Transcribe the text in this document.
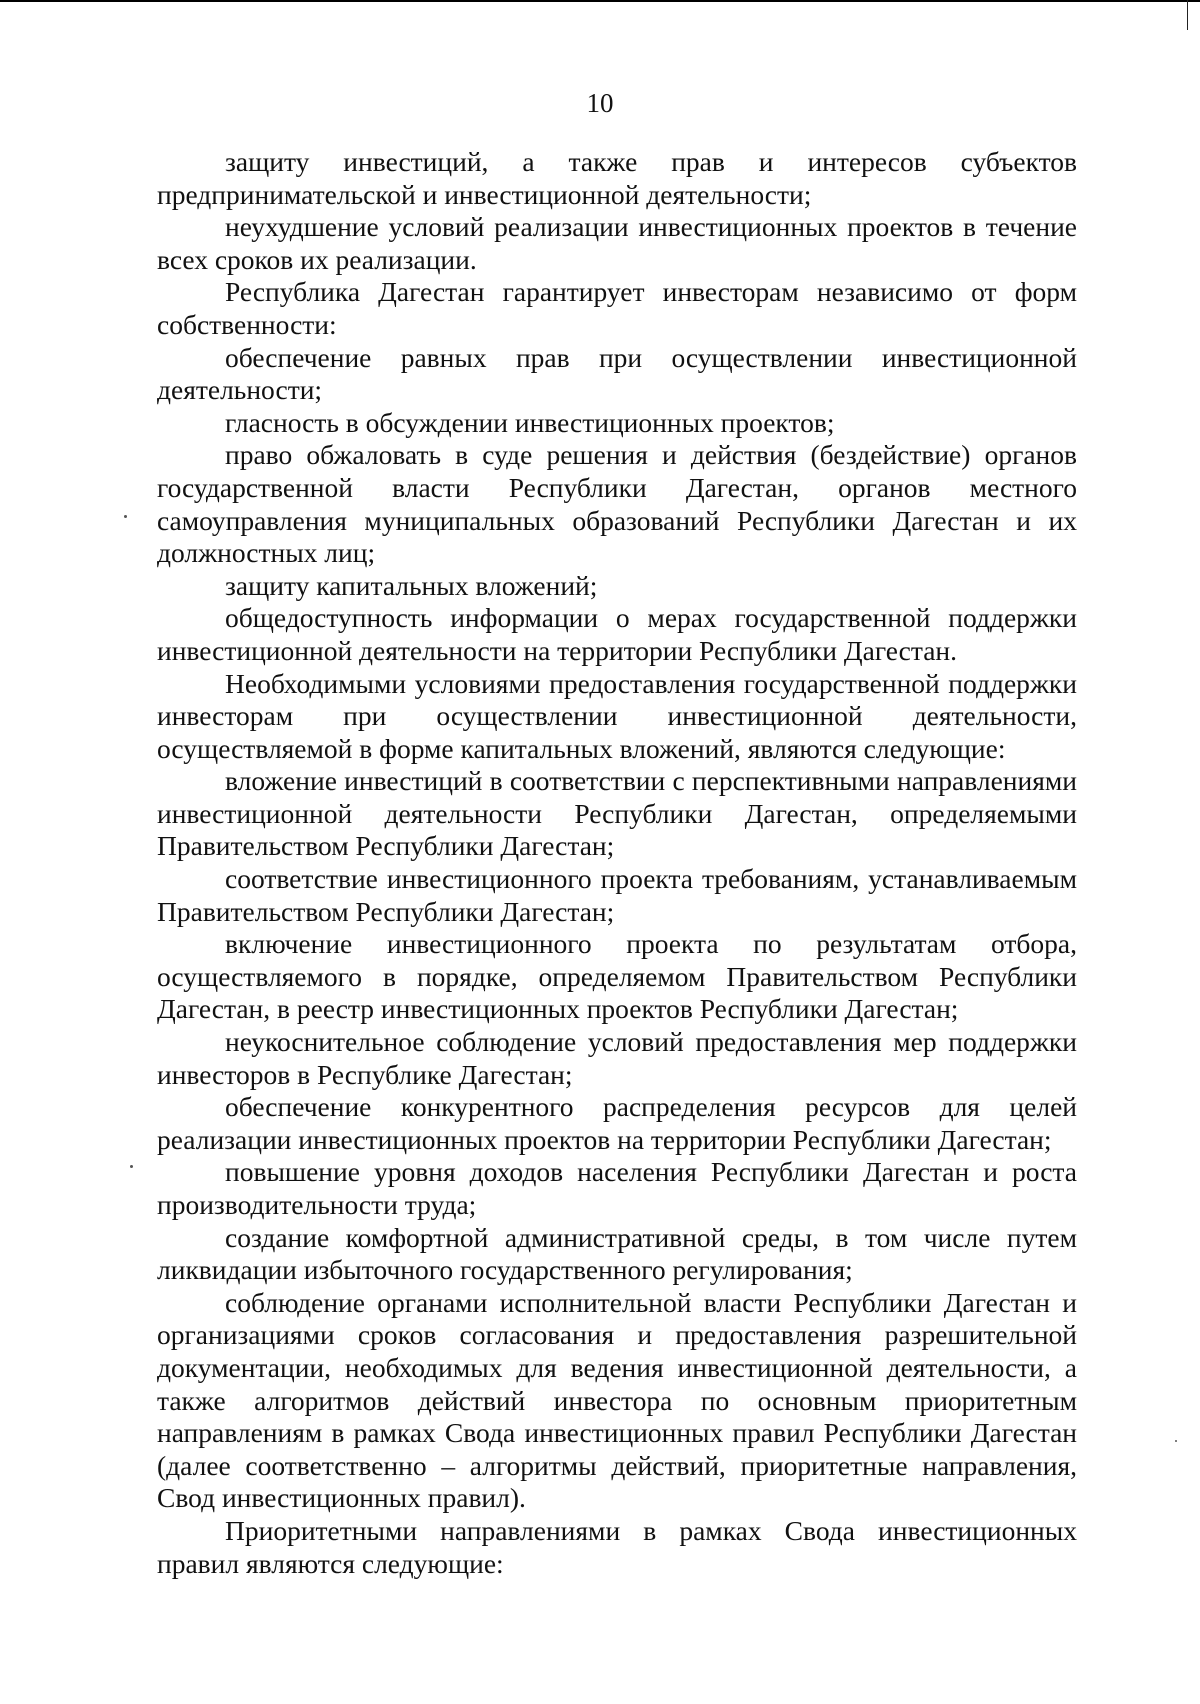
10

защиту инвестиций, а также прав и интересов субъектов предпринимательской и инвестиционной деятельности;

неухудшение условий реализации инвестиционных проектов в течение всех сроков их реализации.

Республика Дагестан гарантирует инвесторам независимо от форм собственности:

обеспечение равных прав при осуществлении инвестиционной деятельности;

гласность в обсуждении инвестиционных проектов;

право обжаловать в суде решения и действия (бездействие) органов государственной власти Республики Дагестан, органов местного самоуправления муниципальных образований Республики Дагестан и их должностных лиц;

защиту капитальных вложений;

общедоступность информации о мерах государственной поддержки инвестиционной деятельности на территории Республики Дагестан.

Необходимыми условиями предоставления государственной поддержки инвесторам при осуществлении инвестиционной деятельности, осуществляемой в форме капитальных вложений, являются следующие:

вложение инвестиций в соответствии с перспективными направлениями инвестиционной деятельности Республики Дагестан, определяемыми Правительством Республики Дагестан;

соответствие инвестиционного проекта требованиям, устанавливаемым Правительством Республики Дагестан;

включение инвестиционного проекта по результатам отбора, осуществляемого в порядке, определяемом Правительством Республики Дагестан, в реестр инвестиционных проектов Республики Дагестан;

неукоснительное соблюдение условий предоставления мер поддержки инвесторов в Республике Дагестан;

обеспечение конкурентного распределения ресурсов для целей реализации инвестиционных проектов на территории Республики Дагестан;

повышение уровня доходов населения Республики Дагестан и роста производительности труда;

создание комфортной административной среды, в том числе путем ликвидации избыточного государственного регулирования;

соблюдение органами исполнительной власти Республики Дагестан и организациями сроков согласования и предоставления разрешительной документации, необходимых для ведения инвестиционной деятельности, а также алгоритмов действий инвестора по основным приоритетным направлениям в рамках Свода инвестиционных правил Республики Дагестан (далее соответственно – алгоритмы действий, приоритетные направления, Свод инвестиционных правил).

Приоритетными направлениями в рамках Свода инвестиционных правил являются следующие:
